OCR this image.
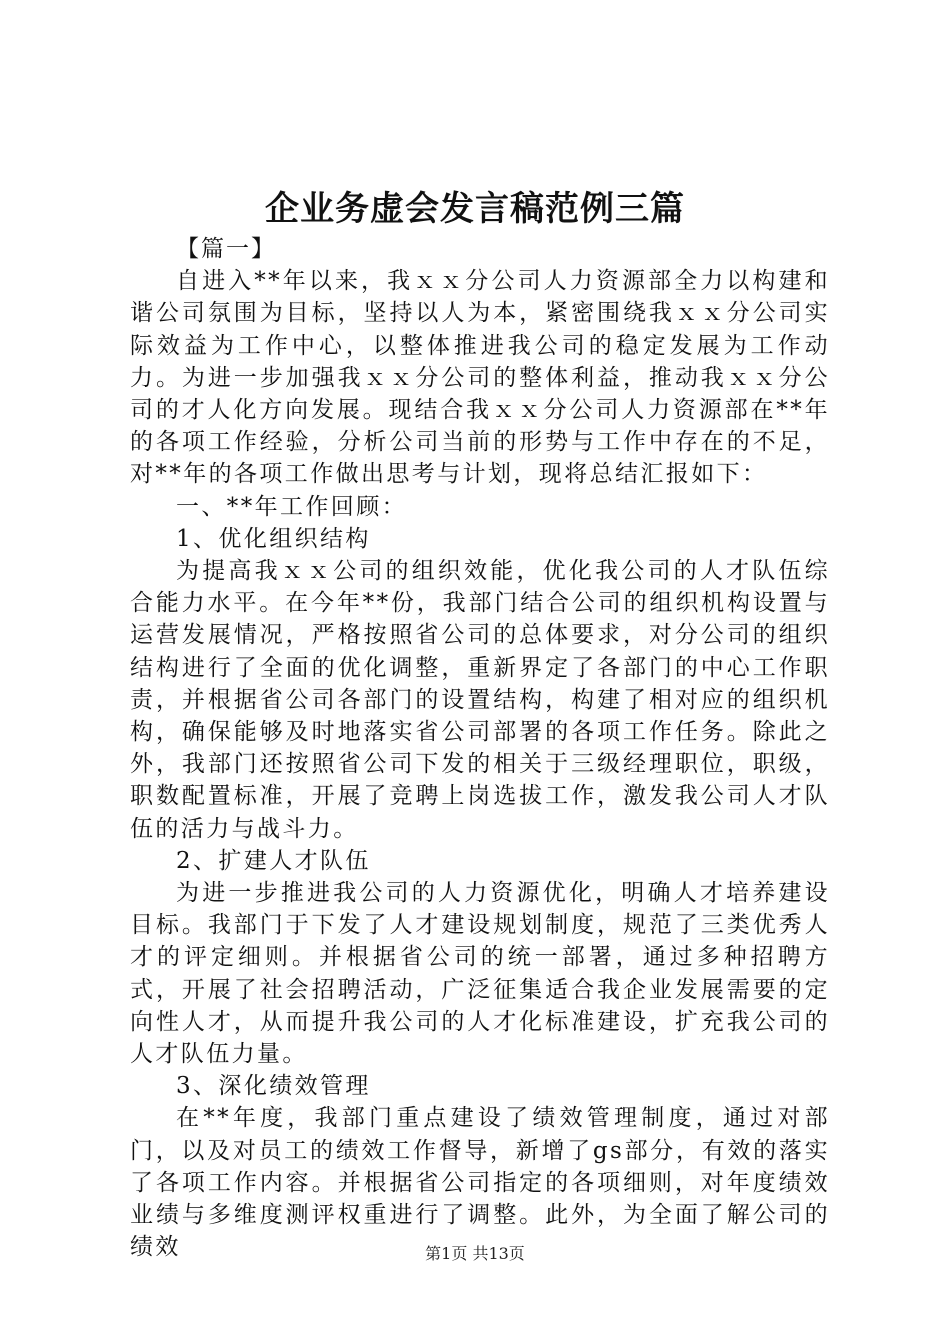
企业务虚会发言稿范例三篇

【篇一】

自进入**年以来，我ｘｘ分公司人力资源部全力以构建和谐公司氛围为目标，坚持以人为本，紧密围绕我ｘｘ分公司实际效益为工作中心，以整体推进我公司的稳定发展为工作动力。为进一步加强我ｘｘ分公司的整体利益，推动我ｘｘ分公司的才人化方向发展。现结合我ｘｘ分公司人力资源部在**年的各项工作经验，分析公司当前的形势与工作中存在的不足，对**年的各项工作做出思考与计划，现将总结汇报如下：

一、**年工作回顾：

1、优化组织结构

为提高我ｘｘ公司的组织效能，优化我公司的人才队伍综合能力水平。在今年**份，我部门结合公司的组织机构设置与运营发展情况，严格按照省公司的总体要求，对分公司的组织结构进行了全面的优化调整，重新界定了各部门的中心工作职责，并根据省公司各部门的设置结构，构建了相对应的组织机构，确保能够及时地落实省公司部署的各项工作任务。除此之外，我部门还按照省公司下发的相关于三级经理职位，职级，职数配置标准，开展了竞聘上岗选拔工作，激发我公司人才队伍的活力与战斗力。

2、扩建人才队伍

为进一步推进我公司的人力资源优化，明确人才培养建设目标。我部门于下发了人才建设规划制度，规范了三类优秀人才的评定细则。并根据省公司的统一部署，通过多种招聘方式，开展了社会招聘活动，广泛征集适合我企业发展需要的定向性人才，从而提升我公司的人才化标准建设，扩充我公司的人才队伍力量。

3、深化绩效管理

在**年度，我部门重点建设了绩效管理制度，通过对部门，以及对员工的绩效工作督导，新增了gs部分，有效的落实了各项工作内容。并根据省公司指定的各项细则，对年度绩效业绩与多维度测评权重进行了调整。此外，为全面了解公司的绩效	第1页 共13页
